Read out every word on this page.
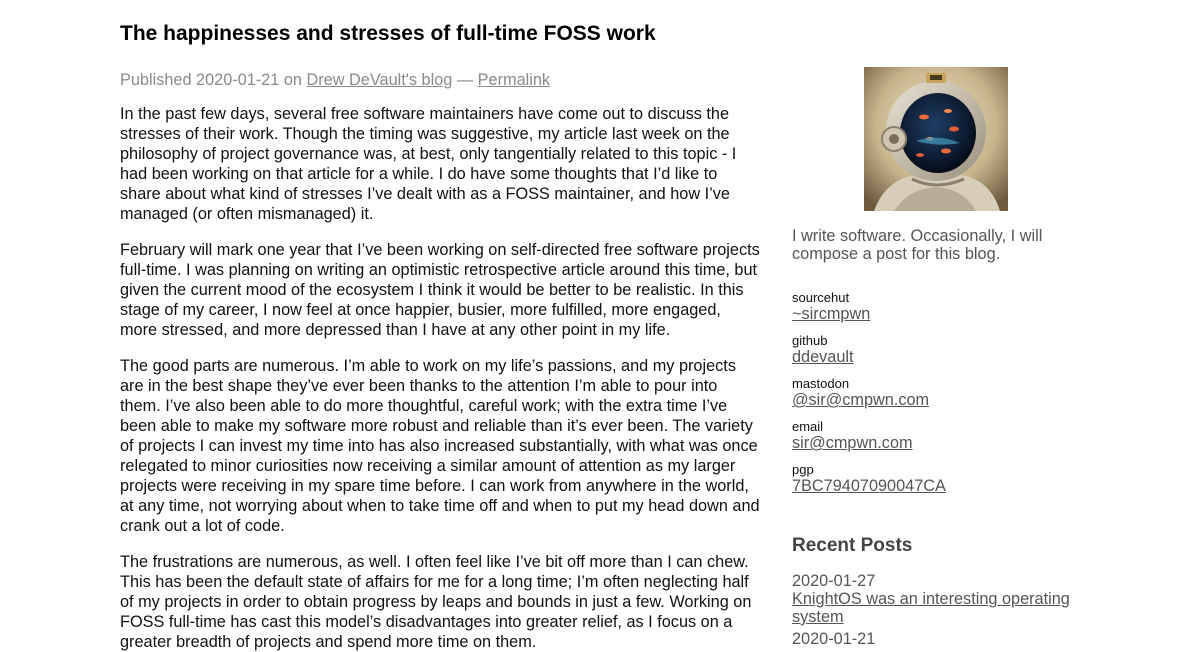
The happinesses and stresses of full-time FOSS work
Published 2020-01-21 on Drew DeVault's blog — Permalink

In the past few days, several free software maintainers have come out to discuss the stresses of their work. Though the timing was suggestive, my article last week on the philosophy of project governance was, at best, only tangentially related to this topic - I had been working on that article for a while. I do have some thoughts that I’d like to share about what kind of stresses I’ve dealt with as a FOSS maintainer, and how I’ve managed (or often mismanaged) it.

February will mark one year that I’ve been working on self-directed free software projects full-time. I was planning on writing an optimistic retrospective article around this time, but given the current mood of the ecosystem I think it would be better to be realistic. In this stage of my career, I now feel at once happier, busier, more fulfilled, more engaged, more stressed, and more depressed than I have at any other point in my life.

The good parts are numerous. I’m able to work on my life’s passions, and my projects are in the best shape they’ve ever been thanks to the attention I’m able to pour into them. I’ve also been able to do more thoughtful, careful work; with the extra time I’ve been able to make my software more robust and reliable than it’s ever been. The variety of projects I can invest my time into has also increased substantially, with what was once relegated to minor curiosities now receiving a similar amount of attention as my larger projects were receiving in my spare time before. I can work from anywhere in the world, at any time, not worrying about when to take time off and when to put my head down and crank out a lot of code.

The frustrations are numerous, as well. I often feel like I’ve bit off more than I can chew. This has been the default state of affairs for me for a long time; I’m often neglecting half of my projects in order to obtain progress by leaps and bounds in just a few. Working on FOSS full-time has cast this model’s disadvantages into greater relief, as I focus on a greater breadth of projects and spend more time on them.

I write software. Occasionally, I will compose a post for this blog.
sourcehut
~sircmpwn
github
ddevault
mastodon
@sir@cmpwn.com
email
sir@cmpwn.com
pgp
7BC79407090047CA
Recent Posts
2020-01-27
KnightOS was an interesting operating system
2020-01-21
